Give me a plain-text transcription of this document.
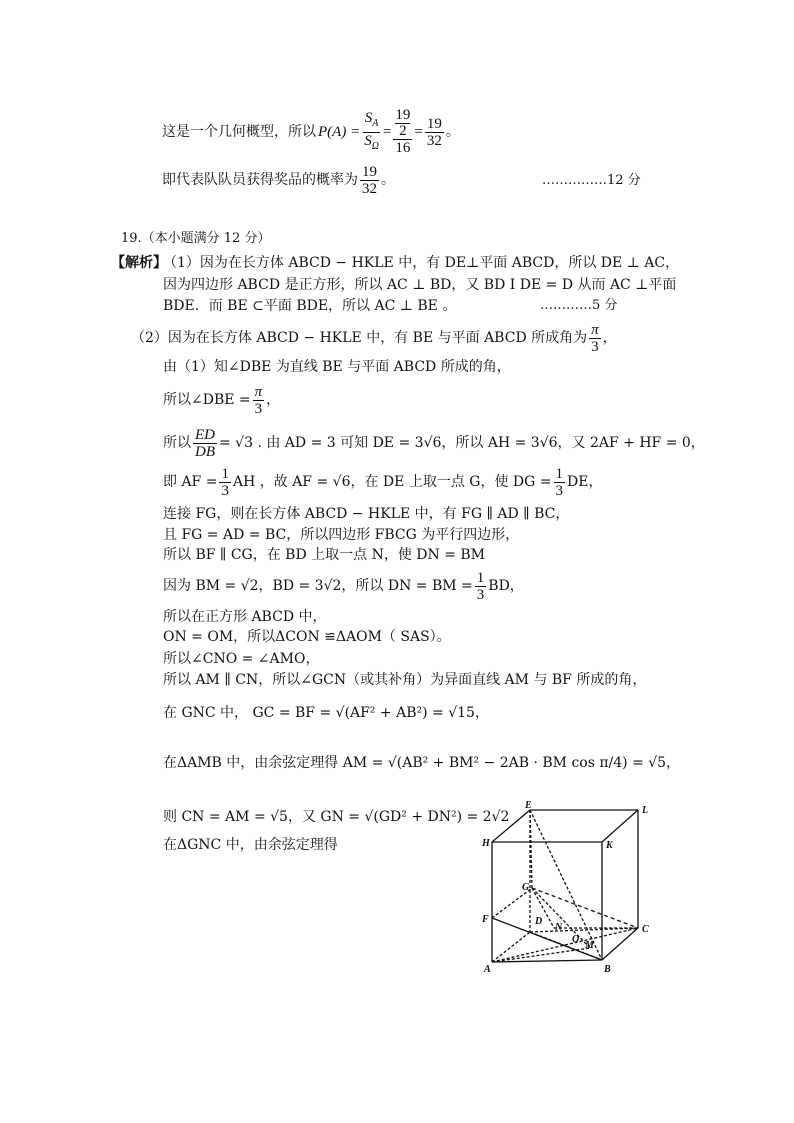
这是一个几何概型，所以 $P(A) = \frac{S_A}{S_\Omega} = 19$
2
$16 = \frac{19}{32}$ 。
即代表队队员获得奖品的概率为 $\frac{19}{32}$ 。	……………12 分
19.（本小题满分 12 分）
【解析】
（1）因为在长方体 ABCD − HKLE 中，有 DE⊥平面 ABCD，所以 DE ⊥ AC，
因为四边形 ABCD 是正方形，所以 AC ⊥ BD，又 BD I DE = D 从而 AC ⊥平面
BDE．而 BE ⊂平面 BDE，所以 AC ⊥ BE 。	…………5 分
（2）因为在长方体 ABCD − HKLE 中，有 BE 与平面 ABCD 所成角为 $\frac{\pi}{3}$ ，
由（1）知∠DBE 为直线 BE 与平面 ABCD 所成的角，
所以∠DBE = $\frac{\pi}{3}$ ，
所以 $\frac{ED}{DB} = √3$ . 由 AD = 3 可知 DE = 3√6，所以 AH = 3√6，又 2AF + HF = 0，
即 AF = $\frac{1}{3}$ AH ，故 AF = √6，在 DE 上取一点 G，使 DG = $\frac{1}{3}$ DE，
连接 FG，则在长方体 ABCD − HKLE 中，有 FG ∥ AD ∥ BC，
且 FG = AD = BC，所以四边形 FBCG 为平行四边形，
所以 BF ∥ CG，在 BD 上取一点 N，使 DN = BM
因为 BM = √2，BD = 3√2，所以 DN = BM = $\frac{1}{3}$ BD，
所以在正方形 ABCD 中，
ON = OM，所以ΔCON ≌ΔAOM（ SAS）。
所以∠CNO = ∠AMO，
所以 AM ∥ CN，所以∠GCN（或其补角）为异面直线 AM 与 BF 所成的角，
在 GNC 中， GC = BF = √(AF² + AB²) = √15，
在ΔAMB 中，由余弦定理得 AM = √(AB² + BM² − 2AB · BM cos π/4) = √5，
则 CN = AM = √5，又 GN = √(GD² + DN²) = 2√2
在ΔGNC 中，由余弦定理得
E	L
H	K
G
D
F
N
O
M
C
A	B
